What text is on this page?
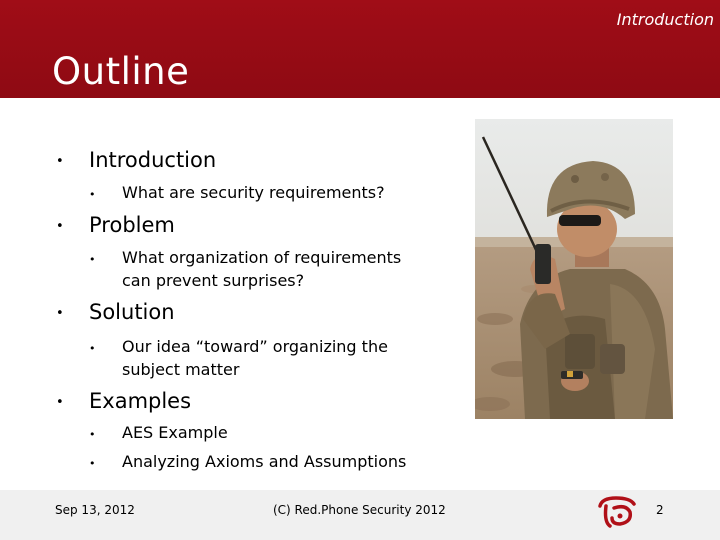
Introduction
Outline
• Introduction
• What are security requirements?
• Problem
• What organization of requirements
can prevent surprises?
• Solution
• Our idea “toward” organizing the
subject matter
• Examples
• AES Example
• Analyzing Axioms and Assumptions
Sep 13, 2012	(C) Red.Phone Security 2012	2
